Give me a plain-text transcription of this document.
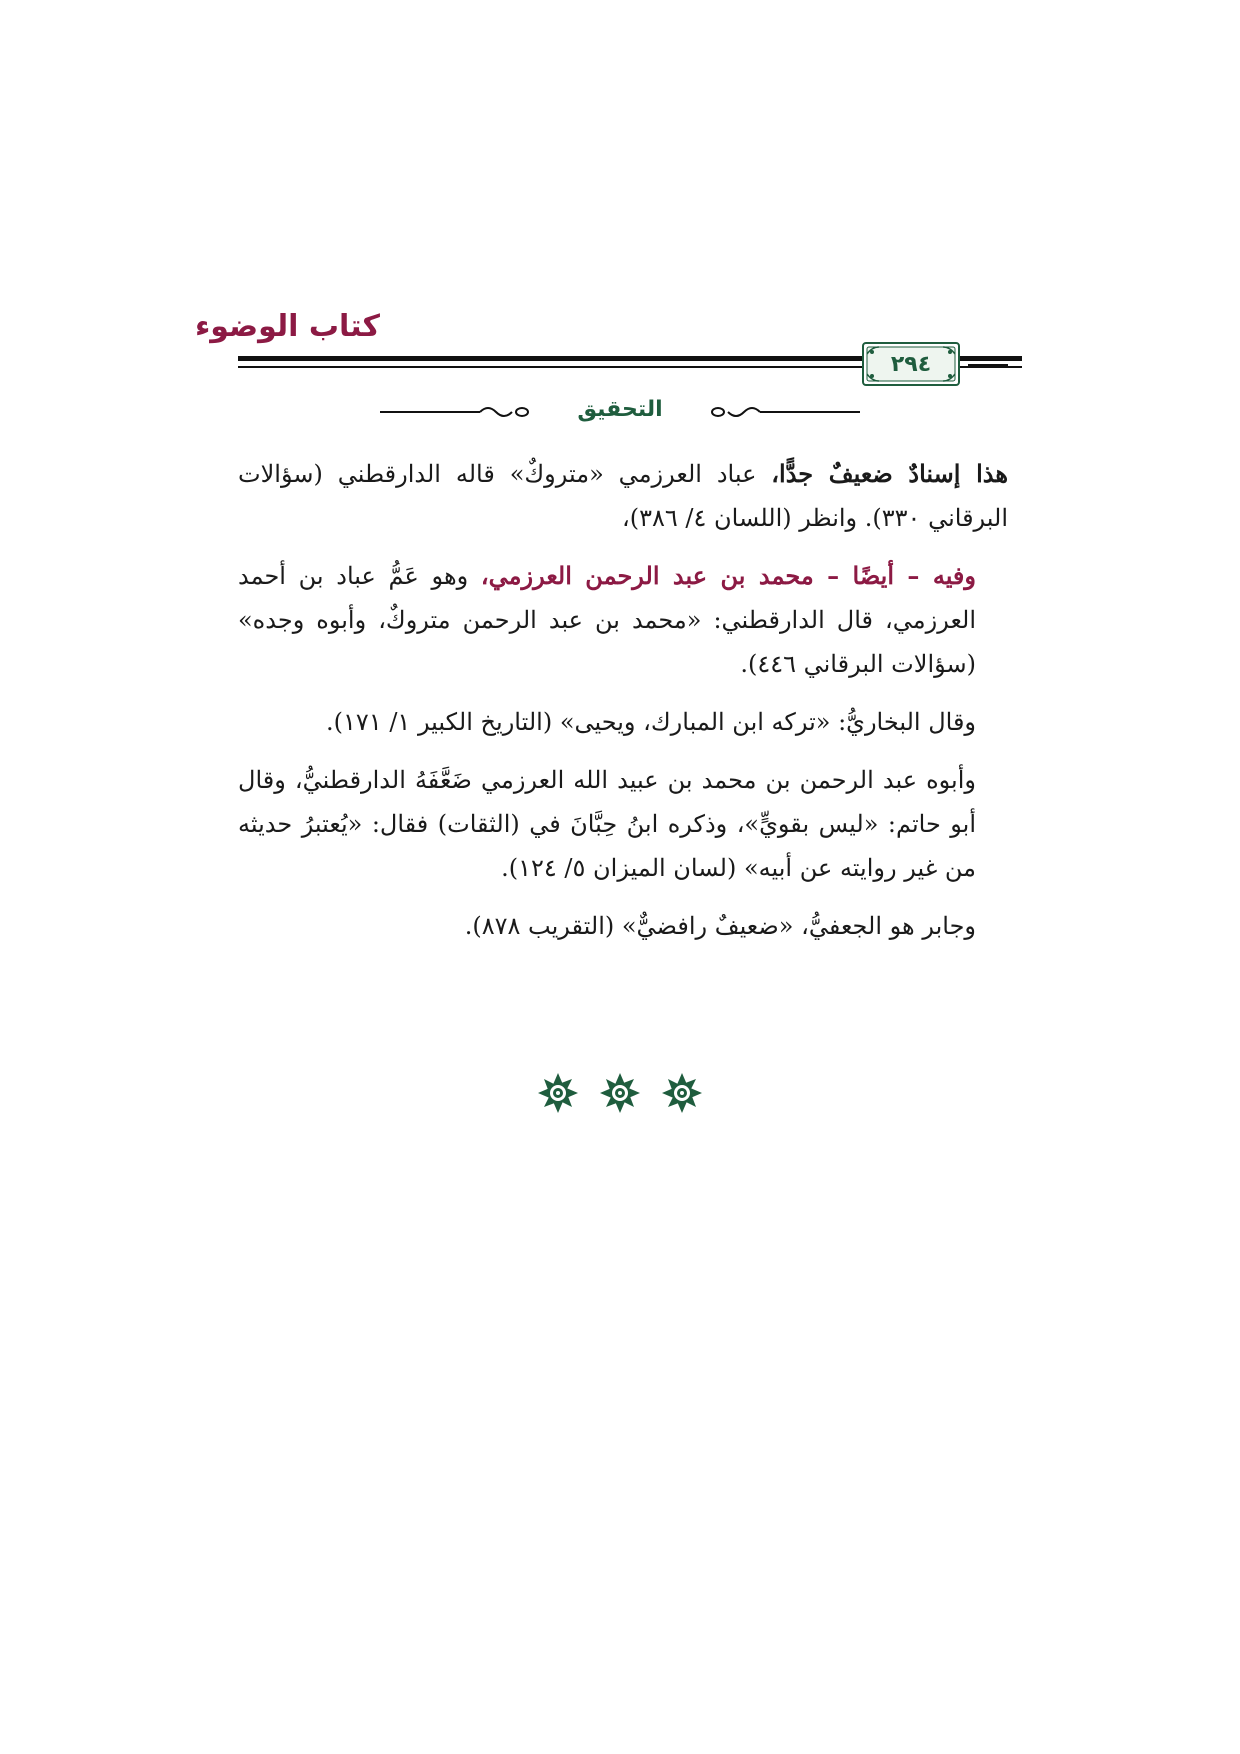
كتاب الوضوء
٢٩٤
التحقيق

هذا إسنادٌ ضعيفٌ جدًّا، عباد العرزمي «متروكٌ» قاله الدارقطني (سؤالات البرقاني ٣٣٠). وانظر (اللسان ٤/ ٣٨٦)،

وفيه – أيضًا – محمد بن عبد الرحمن العرزمي، وهو عَمُّ عباد بن أحمد العرزمي، قال الدارقطني: «محمد بن عبد الرحمن متروكٌ، وأبوه وجده» (سؤالات البرقاني ٤٤٦).

وقال البخاريُّ: «تركه ابن المبارك، ويحيى» (التاريخ الكبير ١/ ١٧١).

وأبوه عبد الرحمن بن محمد بن عبيد الله العرزمي ضَعَّفَهُ الدارقطنيُّ، وقال أبو حاتم: «ليس بقويٍّ»، وذكره ابنُ حِبَّانَ في (الثقات) فقال: «يُعتبرُ حديثه من غير روايته عن أبيه» (لسان الميزان ٥/ ١٢٤).

وجابر هو الجعفيُّ، «ضعيفٌ رافضيٌّ» (التقريب ٨٧٨).
